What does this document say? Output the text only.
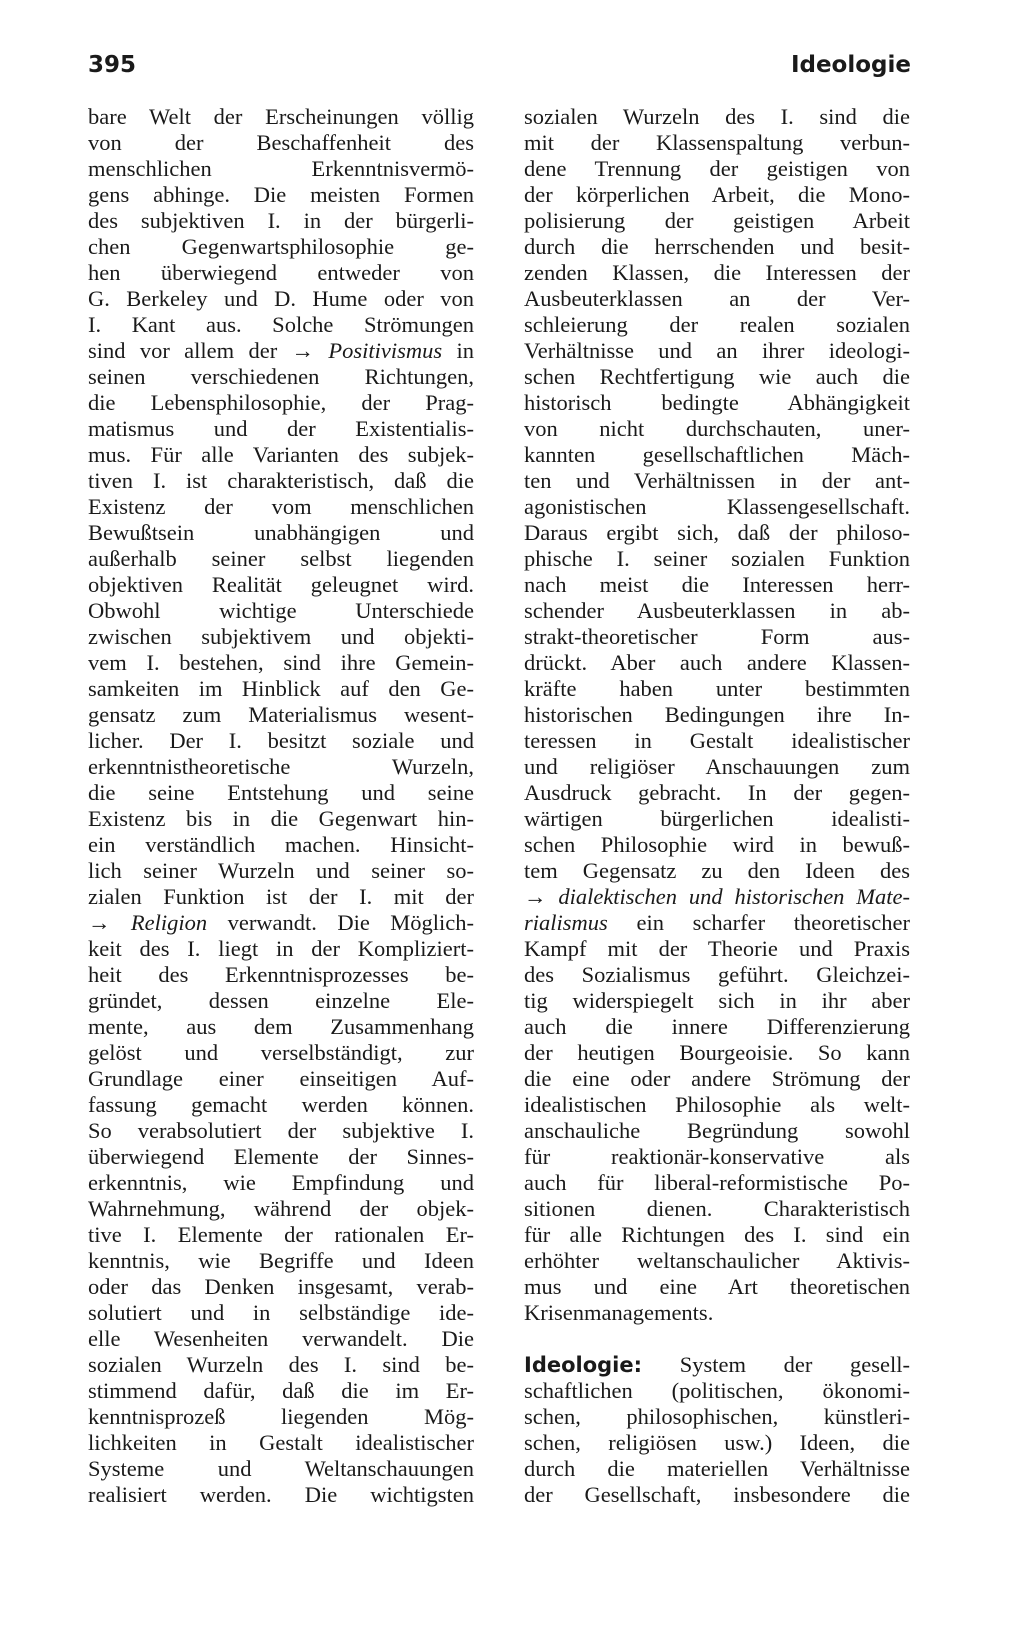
395	Ideologie
bare Welt der Erscheinungen völlig
von der Beschaffenheit des
menschlichen Erkenntnisvermö-
gens abhinge. Die meisten Formen
des subjektiven I. in der bürgerli-
chen Gegenwartsphilosophie ge-
hen überwiegend entweder von
G. Berkeley und D. Hume oder von
I. Kant aus. Solche Strömungen
sind vor allem der → Positivismus in
seinen verschiedenen Richtungen,
die Lebensphilosophie, der Prag-
matismus und der Existentialis-
mus. Für alle Varianten des subjek-
tiven I. ist charakteristisch, daß die
Existenz der vom menschlichen
Bewußtsein unabhängigen und
außerhalb seiner selbst liegenden
objektiven Realität geleugnet wird.
Obwohl wichtige Unterschiede
zwischen subjektivem und objekti-
vem I. bestehen, sind ihre Gemein-
samkeiten im Hinblick auf den Ge-
gensatz zum Materialismus wesent-
licher. Der I. besitzt soziale und
erkenntnistheoretische Wurzeln,
die seine Entstehung und seine
Existenz bis in die Gegenwart hin-
ein verständlich machen. Hinsicht-
lich seiner Wurzeln und seiner so-
zialen Funktion ist der I. mit der
→ Religion verwandt. Die Möglich-
keit des I. liegt in der Kompliziert-
heit des Erkenntnisprozesses be-
gründet, dessen einzelne Ele-
mente, aus dem Zusammenhang
gelöst und verselbständigt, zur
Grundlage einer einseitigen Auf-
fassung gemacht werden können.
So verabsolutiert der subjektive I.
überwiegend Elemente der Sinnes-
erkenntnis, wie Empfindung und
Wahrnehmung, während der objek-
tive I. Elemente der rationalen Er-
kenntnis, wie Begriffe und Ideen
oder das Denken insgesamt, verab-
solutiert und in selbständige ide-
elle Wesenheiten verwandelt. Die
sozialen Wurzeln des I. sind be-
stimmend dafür, daß die im Er-
kenntnisprozeß liegenden Mög-
lichkeiten in Gestalt idealistischer
Systeme und Weltanschauungen
realisiert werden. Die wichtigsten
sozialen Wurzeln des I. sind die
mit der Klassenspaltung verbun-
dene Trennung der geistigen von
der körperlichen Arbeit, die Mono-
polisierung der geistigen Arbeit
durch die herrschenden und besit-
zenden Klassen, die Interessen der
Ausbeuterklassen an der Ver-
schleierung der realen sozialen
Verhältnisse und an ihrer ideologi-
schen Rechtfertigung wie auch die
historisch bedingte Abhängigkeit
von nicht durchschauten, uner-
kannten gesellschaftlichen Mäch-
ten und Verhältnissen in der ant-
agonistischen Klassengesellschaft.
Daraus ergibt sich, daß der philoso-
phische I. seiner sozialen Funktion
nach meist die Interessen herr-
schender Ausbeuterklassen in ab-
strakt-theoretischer Form aus-
drückt. Aber auch andere Klassen-
kräfte haben unter bestimmten
historischen Bedingungen ihre In-
teressen in Gestalt idealistischer
und religiöser Anschauungen zum
Ausdruck gebracht. In der gegen-
wärtigen bürgerlichen idealisti-
schen Philosophie wird in bewuß-
tem Gegensatz zu den Ideen des
→ dialektischen und historischen Mate-
rialismus ein scharfer theoretischer
Kampf mit der Theorie und Praxis
des Sozialismus geführt. Gleichzei-
tig widerspiegelt sich in ihr aber
auch die innere Differenzierung
der heutigen Bourgeoisie. So kann
die eine oder andere Strömung der
idealistischen Philosophie als welt-
anschauliche Begründung sowohl
für reaktionär-konservative als
auch für liberal-reformistische Po-
sitionen dienen. Charakteristisch
für alle Richtungen des I. sind ein
erhöhter weltanschaulicher Aktivis-
mus und eine Art theoretischen
Krisenmanagements.
Ideologie: System der gesell-
schaftlichen (politischen, ökonomi-
schen, philosophischen, künstleri-
schen, religiösen usw.) Ideen, die
durch die materiellen Verhältnisse
der Gesellschaft, insbesondere die
